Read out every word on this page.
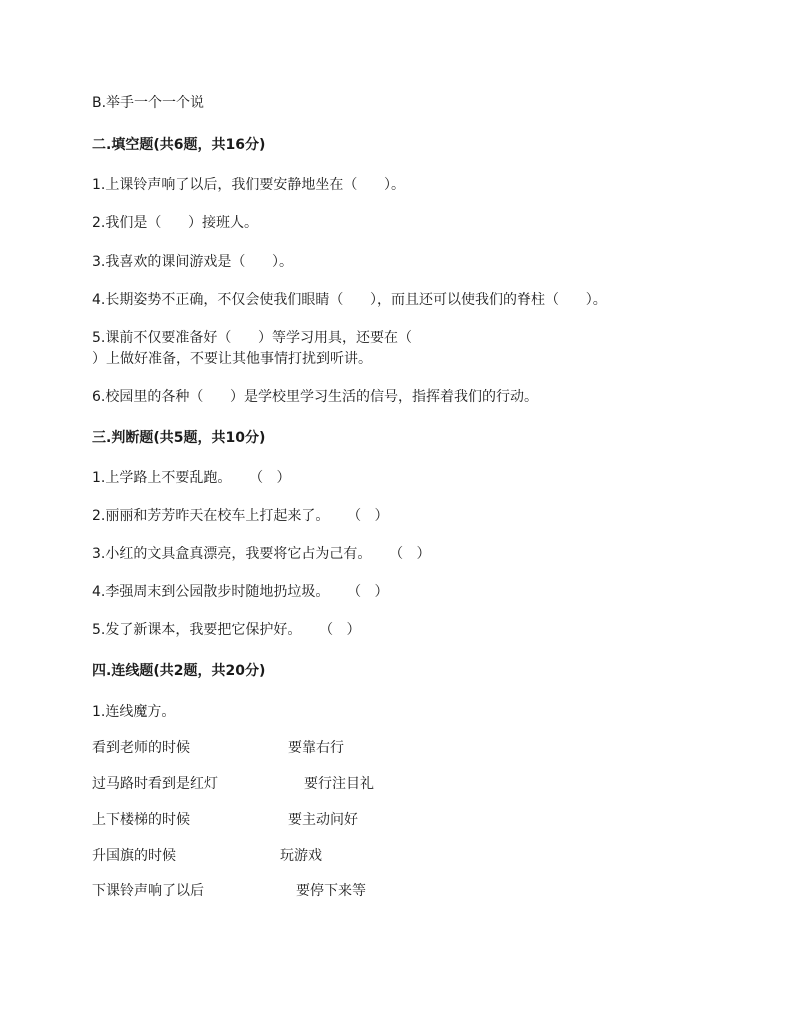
B.举手一个一个说
二.填空题(共6题，共16分)
1.上课铃声响了以后，我们要安静地坐在（      ）。
2.我们是（      ）接班人。
3.我喜欢的课间游戏是（      ）。
4.长期姿势不正确，不仅会使我们眼睛（      ），而且还可以使我们的脊柱（      ）。
5.课前不仅要准备好（      ）等学习用具，还要在（
）上做好准备，不要让其他事情打扰到听讲。
6.校园里的各种（      ）是学校里学习生活的信号，指挥着我们的行动。
三.判断题(共5题，共10分)
1.上学路上不要乱跑。    （   ）
2.丽丽和芳芳昨天在校车上打起来了。    （   ）
3.小红的文具盒真漂亮，我要将它占为己有。    （   ）
4.李强周末到公园散步时随地扔垃圾。    （   ）
5.发了新课本，我要把它保护好。    （   ）
四.连线题(共2题，共20分)
1.连线魔方。
看到老师的时候	要靠右行
过马路时看到是红灯	要行注目礼
上下楼梯的时候	要主动问好
升国旗的时候	玩游戏
下课铃声响了以后	要停下来等
